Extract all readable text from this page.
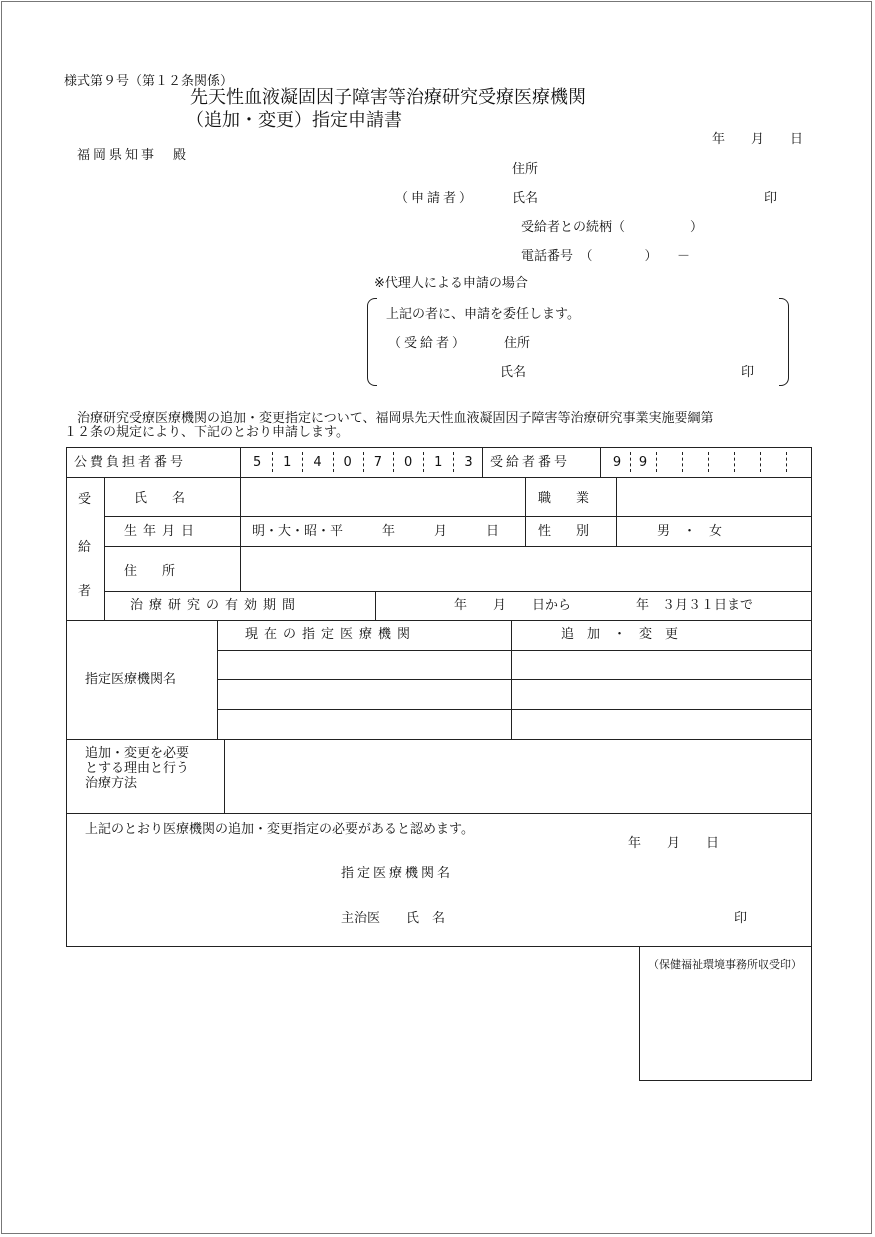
様式第９号（第１２条関係）
先天性血液凝固因子障害等治療研究受療医療機関
（追加・変更）指定申請書
年　　月　　日
福岡県知事　殿
住所
（申請者）	氏名	印
受給者との続柄（　　　　　）
電話番号　（　　　　）　　－
※代理人による申請の場合
上記の者に、申請を委任します。
（受給者）	住所
氏名	印
治療研究受療医療機関の追加・変更指定について、福岡県先天性血液凝固因子障害等治療研究事業実施要綱第
１２条の規定により、下記のとおり申請します。
公費負担者番号	5 1 4 0 7 0 1 3 受給者番号	9 9
受
給
者
氏　名	職　業
生年月日	明・大・昭・平　　　年　　　月　　　日	性　別	男　・　女
住　所
治療研究の有効期間	年　　月　　日から　　　　　年　３月３１日まで
指定医療機関名
現在の指定医療機関	追　加　・　変　更
追加・変更を必要
とする理由と行う
治療方法
上記のとおり医療機関の追加・変更指定の必要があると認めます。
年　　月　　日
指定医療機関名
主治医　　氏　名	印
（保健福祉環境事務所収受印）
